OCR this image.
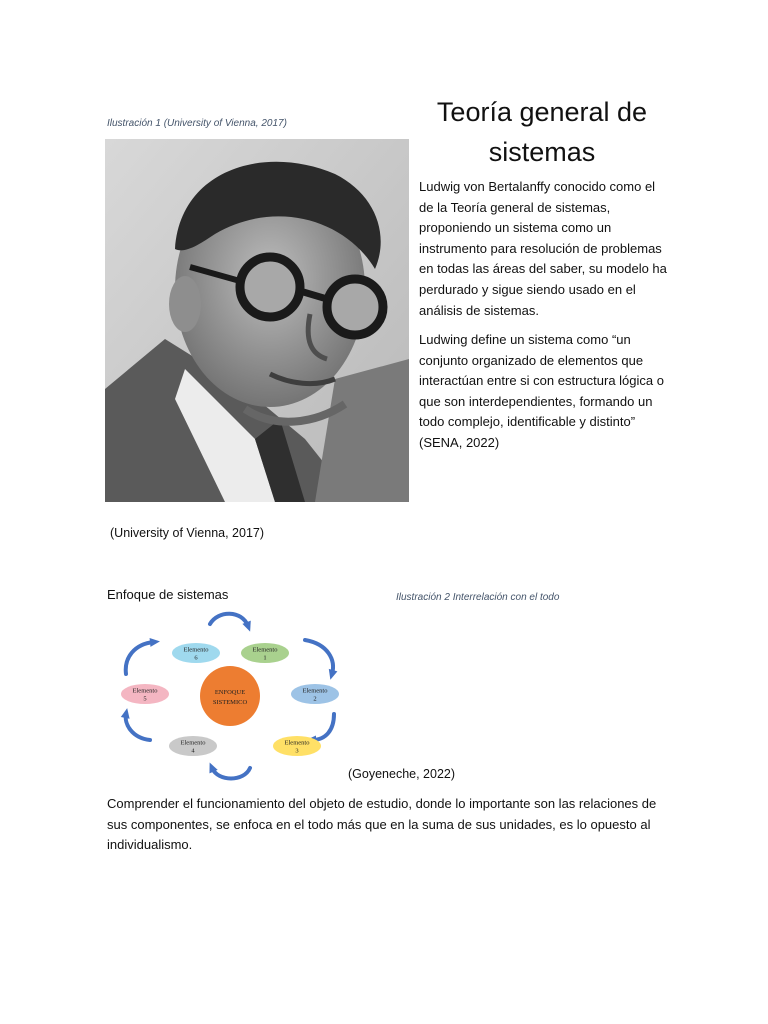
Ilustración 1 (University of Vienna, 2017)	Teoría general de sistemas

Ludwig von Bertalanffy conocido como el de la Teoría general de sistemas, proponiendo un sistema como un instrumento para resolución de problemas en todas las áreas del saber, su modelo ha perdurado y sigue siendo usado en el análisis de sistemas.

Ludwing define un sistema como “un conjunto organizado de elementos que interactúan entre si con estructura lógica o que son interdependientes, formando un todo complejo, identificable y distinto” (SENA, 2022)

(University of Vienna, 2017)
Enfoque de sistemas	Ilustración 2 Interrelación con el todo
Elemento
1
Elemento
2
Elemento
3
Elemento
4
Elemento
5
Elemento
6
ENFOQUE
SISTEMICO
(Goyeneche, 2022)

Comprender el funcionamiento del objeto de estudio, donde lo importante son las relaciones de sus componentes, se enfoca en el todo más que en la suma de sus unidades, es lo opuesto al individualismo.
